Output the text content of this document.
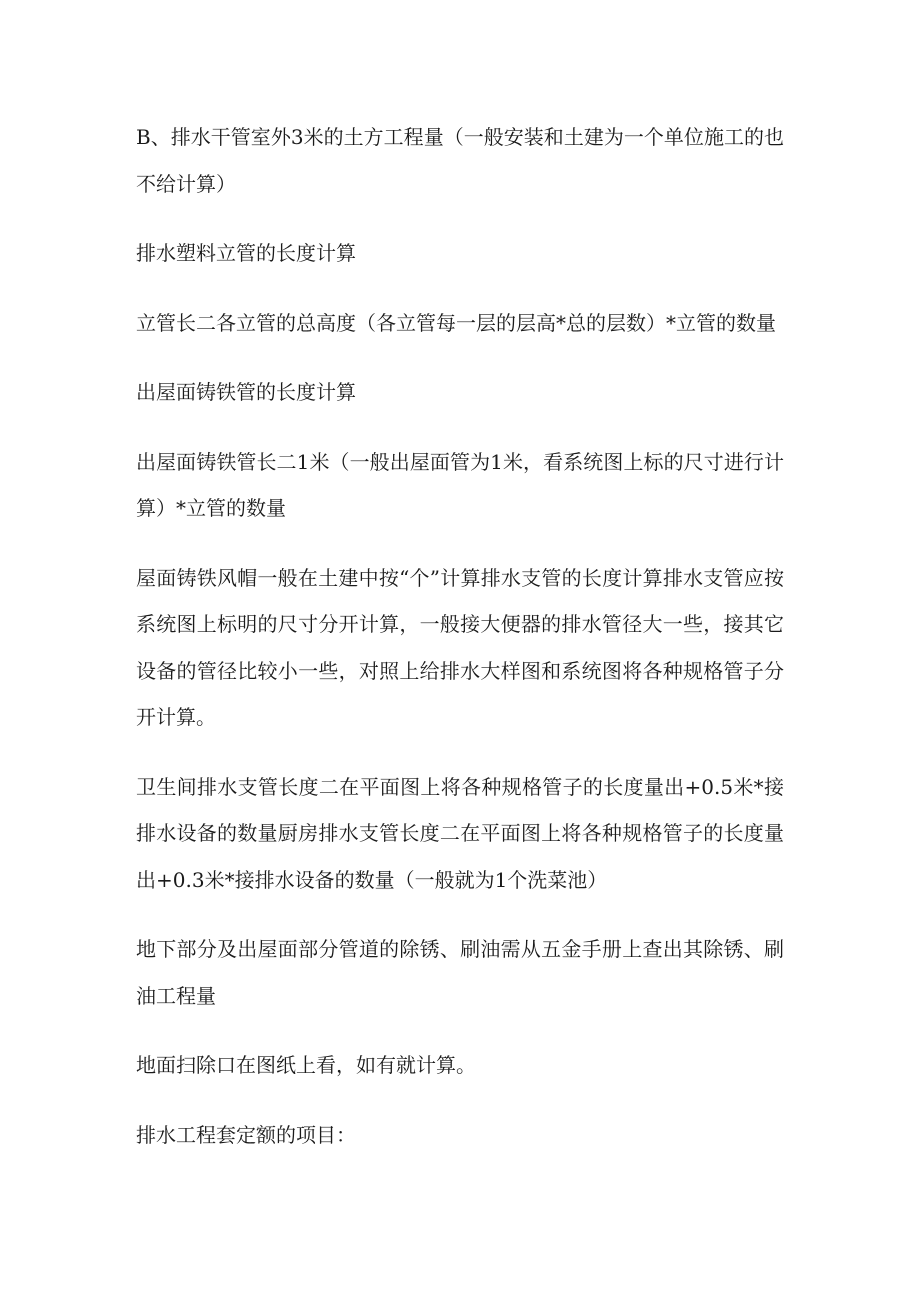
B、排水干管室外3米的土方工程量（一般安装和土建为一个单位施工的也不给计算）

排水塑料立管的长度计算

立管长二各立管的总高度（各立管每一层的层高*总的层数）*立管的数量

出屋面铸铁管的长度计算

出屋面铸铁管长二1米（一般出屋面管为1米，看系统图上标的尺寸进行计算）*立管的数量

屋面铸铁风帽一般在土建中按“个”计算排水支管的长度计算排水支管应按系统图上标明的尺寸分开计算，一般接大便器的排水管径大一些，接其它设备的管径比较小一些，对照上给排水大样图和系统图将各种规格管子分开计算。

卫生间排水支管长度二在平面图上将各种规格管子的长度量出+0.5米*接排水设备的数量厨房排水支管长度二在平面图上将各种规格管子的长度量出+0.3米*接排水设备的数量（一般就为1个洗菜池）

地下部分及出屋面部分管道的除锈、刷油需从五金手册上查出其除锈、刷油工程量

地面扫除口在图纸上看，如有就计算。

排水工程套定额的项目：
